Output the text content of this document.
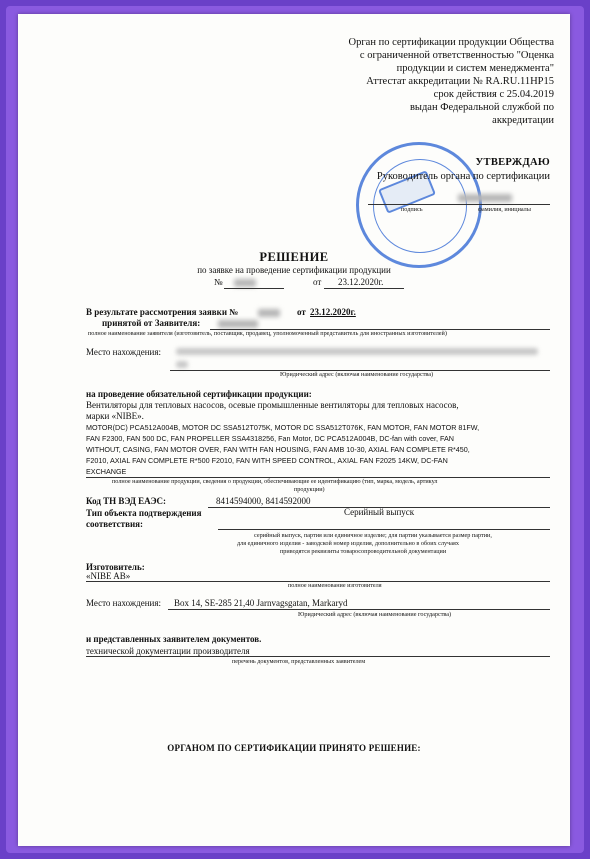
Орган по сертификации продукции Общества
с ограниченной ответственностью "Оценка
продукции и систем менеджмента"
Аттестат аккредитации № RA.RU.11НР15
срок действия с 25.04.2019
выдан Федеральной службой по
аккредитации
УТВЕРЖДАЮ
Руководитель органа по сертификации
подпись	фамилия, инициалы
РЕШЕНИЕ
по заявке на проведение сертификации продукции
№	от 23.12.2020г.
В результате рассмотрения заявки №	от 23.12.2020г.
принятой от Заявителя:
полное наименование заявителя (изготовитель, поставщик, продавец, уполномоченный представитель для иностранных изготовителей)
Место нахождения:
Юридический адрес (включая наименование государства)
на проведение обязательной сертификации продукции:
Вентиляторы для тепловых насосов, осевые промышленные вентиляторы для тепловых насосов,
марки «NIBE».
MOTOR(DC) PCA512A004B, MOTOR DC SSA512T075K, MOTOR DC SSA512T076K, FAN MOTOR, FAN MOTOR 81FW,
FAN F2300, FAN 500 DC, FAN PROPELLER SSA4318256, Fan Motor, DC PCA512A004B, DC-fan with cover, FAN
WITHOUT, CASING, FAN MOTOR OVER, FAN WITH FAN HOUSING, FAN AMB 10-30, AXIAL FAN COMPLETE R*450,
F2010, AXIAL FAN COMPLETE R*500 F2010, FAN WITH SPEED CONTROL, AXIAL FAN F2025 14KW, DC-FAN
EXCHANGE
полное наименование продукции, сведения о продукции, обеспечивающие ее идентификацию (тип, марка, модель, артикул
продукции)
Код ТН ВЭД ЕАЭС:	8414594000, 8414592000
Тип объекта подтверждения
соответствия:
Серийный выпуск
серийный выпуск, партия или единичное изделие; для партии указывается размер партии,
для единичного изделия - заводской номер изделия, дополнительно в обоих случаях
приводятся реквизиты товаросопроводительной документации
Изготовитель:
«NIBE AB»
полное наименование изготовителя
Место нахождения: Box 14, SE-285 21,40 Jarnvagsgatan, Markaryd
Юридический адрес (включая наименование государства)
и представленных заявителем документов.
технической документации производителя
перечень документов, представленных заявителем
ОРГАНОМ ПО СЕРТИФИКАЦИИ ПРИНЯТО РЕШЕНИЕ:
